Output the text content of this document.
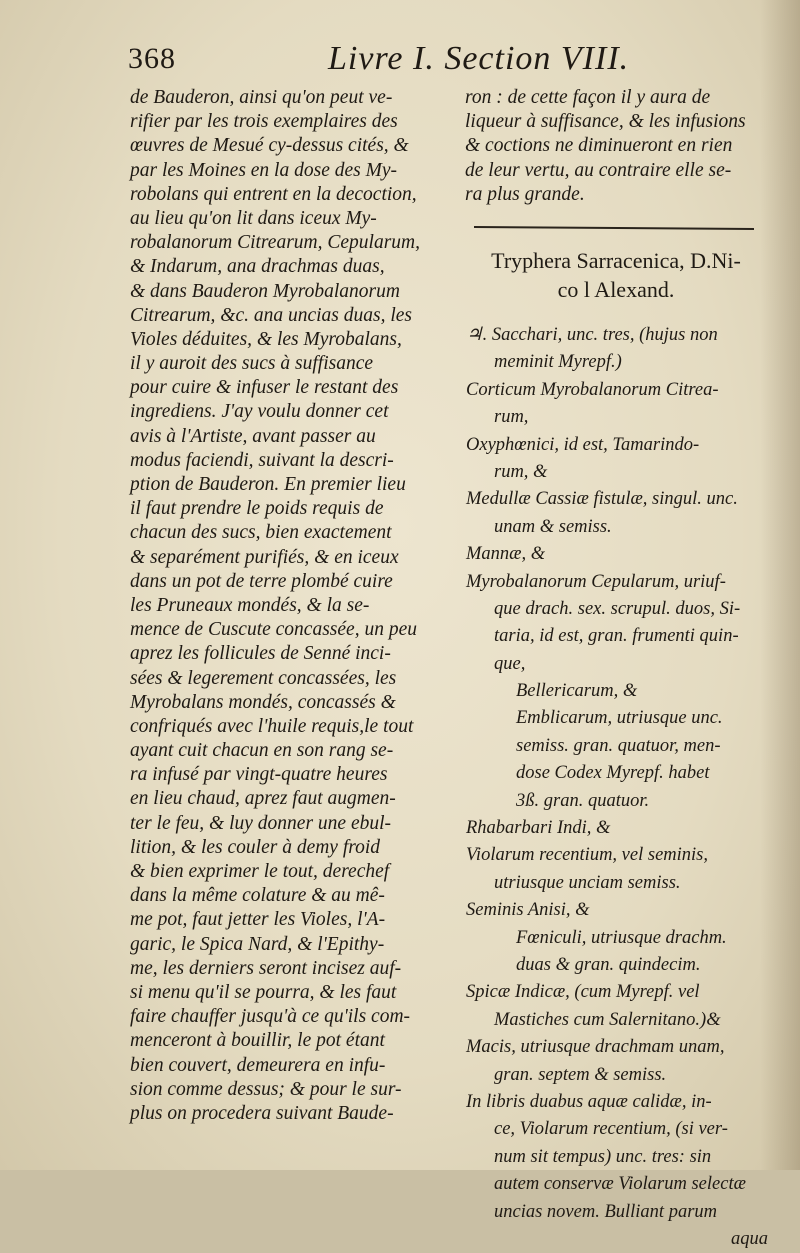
368	Livre I. Section VIII.
de Bauderon, ainsi qu'on peut ve-
rifier par les trois exemplaires des
œuvres de Mesué cy-dessus cités, &
par les Moines en la dose des My-
robolans qui entrent en la decoction,
au lieu qu'on lit dans iceux My-
robalanorum Citrearum, Cepularum,
& Indarum, ana drachmas duas,
& dans Bauderon Myrobalanorum
Citrearum, &c. ana uncias duas, les
Violes déduites, & les Myrobalans,
il y auroit des sucs à suffisance
pour cuire & infuser le restant des
ingrediens. J'ay voulu donner cet
avis à l'Artiste, avant passer au
modus faciendi, suivant la descri-
ption de Bauderon. En premier lieu
il faut prendre le poids requis de
chacun des sucs, bien exactement
& separément purifiés, & en iceux
dans un pot de terre plombé cuire
les Pruneaux mondés, & la se-
mence de Cuscute concassée, un peu
aprez les follicules de Senné inci-
sées & legerement concassées, les
Myrobalans mondés, concassés &
confriqués avec l'huile requis,le tout
ayant cuit chacun en son rang se-
ra infusé par vingt-quatre heures
en lieu chaud, aprez faut augmen-
ter le feu, & luy donner une ebul-
lition, & les couler à demy froid
& bien exprimer le tout, derechef
dans la même colature & au mê-
me pot, faut jetter les Violes, l'A-
garic, le Spica Nard, & l'Epithy-
me, les derniers seront incisez auf-
si menu qu'il se pourra, & les faut
faire chauffer jusqu'à ce qu'ils com-
menceront à bouillir, le pot étant
bien couvert, demeurera en infu-
sion comme dessus; & pour le sur-
plus on procedera suivant Baude-
ron : de cette façon il y aura de
liqueur à suffisance, & les infusions
& coctions ne diminueront en rien
de leur vertu, au contraire elle se-
ra plus grande.
Tryphera Sarracenica, D.Ni-
co l Alexand.
♃. Sacchari, unc. tres, (hujus non
meminit Myrepf.)
Corticum Myrobalanorum Citrea-
rum,
Oxyphœnici, id est, Tamarindo-
rum, &
Medullæ Cassiæ fistulæ, singul. unc.
unam & semiss.
Mannæ, &
Myrobalanorum Cepularum, uriuf-
que drach. sex. scrupul. duos, Si-
taria, id est, gran. frumenti quin-
que,
Bellericarum, &
Emblicarum, utriusque unc.
semiss. gran. quatuor, men-
dose Codex Myrepf. habet
3ß. gran. quatuor.
Rhabarbari Indi, &
Violarum recentium, vel seminis,
utriusque unciam semiss.
Seminis Anisi, &
Fœniculi, utriusque drachm.
duas & gran. quindecim.
Spicæ Indicæ, (cum Myrepf. vel
Mastiches cum Salernitano.)&
Macis, utriusque drachmam unam,
gran. septem & semiss.
In libris duabus aquæ calidæ, in-
ce, Violarum recentium, (si ver-
num sit tempus) unc. tres: sin
autem conservæ Violarum selectæ
uncias novem. Bulliant parum
aqua
